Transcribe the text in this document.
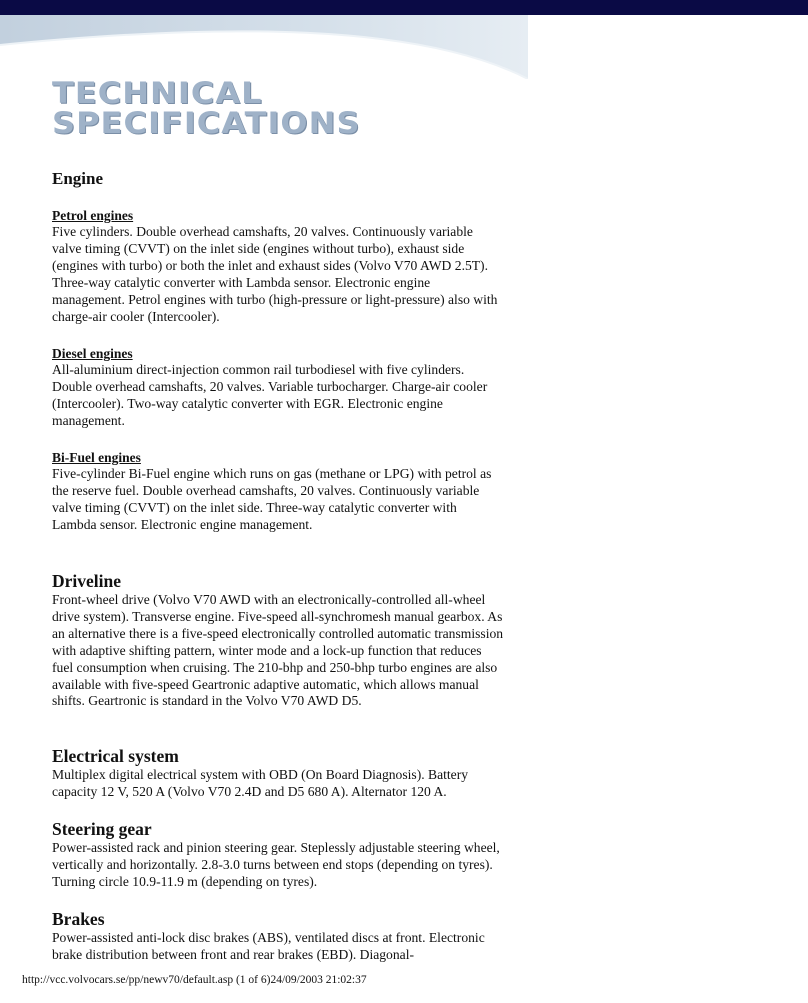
TECHNICAL
SPECIFICATIONS
Engine
Petrol engines

Five cylinders. Double overhead camshafts, 20 valves. Continuously variable valve timing (CVVT) on the inlet side (engines without turbo), exhaust side (engines with turbo) or both the inlet and exhaust sides (Volvo V70 AWD 2.5T). Three-way catalytic converter with Lambda sensor. Electronic engine management. Petrol engines with turbo (high-pressure or light-pressure) also with charge-air cooler (Intercooler).

Diesel engines

All-aluminium direct-injection common rail turbodiesel with five cylinders. Double overhead camshafts, 20 valves. Variable turbocharger. Charge-air cooler (Intercooler). Two-way catalytic converter with EGR. Electronic engine management.

Bi-Fuel engines

Five-cylinder Bi-Fuel engine which runs on gas (methane or LPG) with petrol as the reserve fuel. Double overhead camshafts, 20 valves. Continuously variable valve timing (CVVT) on the inlet side. Three-way catalytic converter with Lambda sensor. Electronic engine management.

Driveline

Front-wheel drive (Volvo V70 AWD with an electronically-controlled all-wheel drive system). Transverse engine. Five-speed all-synchromesh manual gearbox. As an alternative there is a five-speed electronically controlled automatic transmission with adaptive shifting pattern, winter mode and a lock-up function that reduces fuel consumption when cruising. The 210-bhp and 250-bhp turbo engines are also available with five-speed Geartronic adaptive automatic, which allows manual shifts. Geartronic is standard in the Volvo V70 AWD D5.

Electrical system

Multiplex digital electrical system with OBD (On Board Diagnosis). Battery capacity 12 V, 520 A (Volvo V70 2.4D and D5 680 A). Alternator 120 A.

Steering gear

Power-assisted rack and pinion steering gear. Steplessly adjustable steering wheel, vertically and horizontally. 2.8-3.0 turns between end stops (depending on tyres). Turning circle 10.9-11.9 m (depending on tyres).

Brakes

Power-assisted anti-lock disc brakes (ABS), ventilated discs at front. Electronic brake distribution between front and rear brakes (EBD). Diagonal-

http://vcc.volvocars.se/pp/newv70/default.asp (1 of 6)24/09/2003 21:02:37
